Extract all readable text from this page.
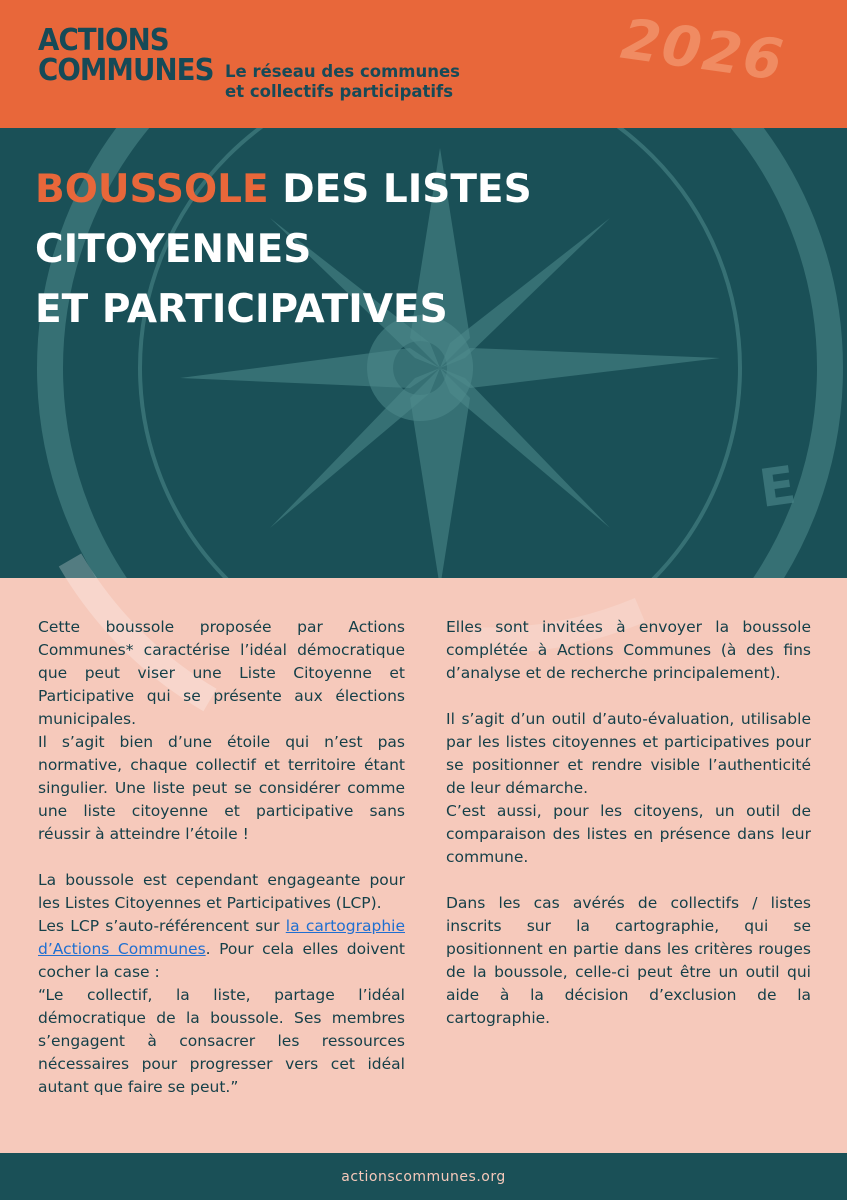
ACTIONS
COMMUNES Le réseau des communes
et collectifs participatifs	2026
E
BOUSSOLE DES LISTES CITOYENNES
ET PARTICIPATIVES

Cette boussole proposée par Actions Communes* caractérise l’idéal démocratique que peut viser une Liste Citoyenne et Participative qui se présente aux élections municipales.

Il s’agit bien d’une étoile qui n’est pas normative, chaque collectif et territoire étant singulier. Une liste peut se considérer comme une liste citoyenne et participative sans réussir à atteindre l’étoile !

La boussole est cependant engageante pour les Listes Citoyennes et Participatives (LCP).

Les LCP s’auto-référencent sur la cartographie d’Actions Communes. Pour cela elles doivent cocher la case :

“Le collectif, la liste, partage l’idéal démocratique de la boussole. Ses membres s’engagent à consacrer les ressources nécessaires pour progresser vers cet idéal autant que faire se peut.”

Elles sont invitées à envoyer la boussole complétée à Actions Communes (à des fins d’analyse et de recherche principalement).

Il s’agit d’un outil d’auto-évaluation, utilisable par les listes citoyennes et participatives pour se positionner et rendre visible l’authenticité de leur démarche.

C’est aussi, pour les citoyens, un outil de comparaison des listes en présence dans leur commune.

Dans les cas avérés de collectifs / listes inscrits sur la cartographie, qui se positionnent en partie dans les critères rouges de la boussole, celle-ci peut être un outil qui aide à la décision d’exclusion de la cartographie.

actionscommunes.org
